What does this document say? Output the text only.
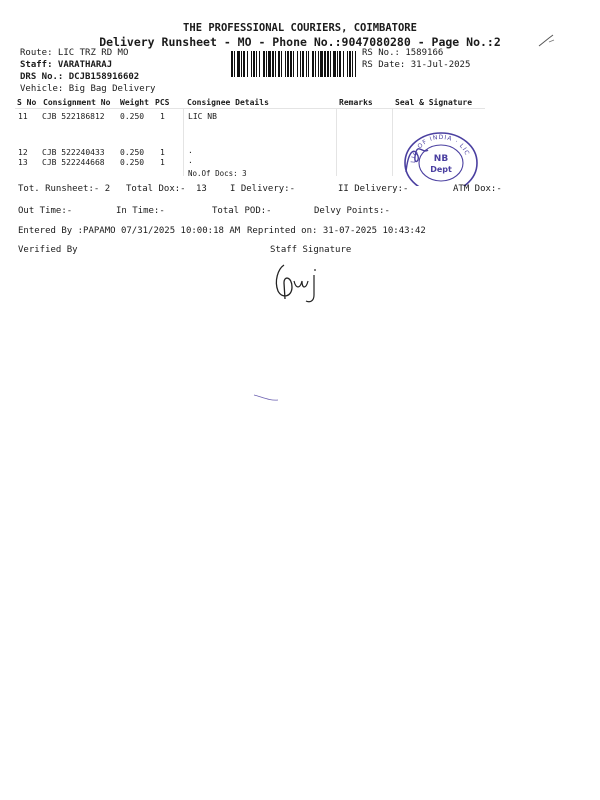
THE PROFESSIONAL COURIERS, COIMBATORE
Delivery Runsheet - MO - Phone No.:9047080280 - Page No.:2
Route: LIC TRZ RD MO
Staff: VARATHARAJ
DRS No.: DCJB158916602
Vehicle: Big Bag Delivery
RS No.: 1589166
RS Date: 31-Jul-2025
S No Consignment No Weight PCS Consignee Details	Remarks	Seal & Signature
11 CJB 522186812 0.250 1	LIC NB
12 CJB 522240433 0.250 1	.
13 CJB 522244668 0.250 1	.
No.Of Docs: 3
LIC OF INDIA · LIC
NB
Dept
Tot. Runsheet:- 2 Total Dox:- 13	I Delivery:-	II Delivery:-	ATM Dox:-
Out Time:-	In Time:-	Total POD:-	Delvy Points:-
Entered By :PAPAMO 07/31/2025 10:00:18 AM Reprinted on: 31-07-2025 10:43:42
Verified By	Staff Signature
